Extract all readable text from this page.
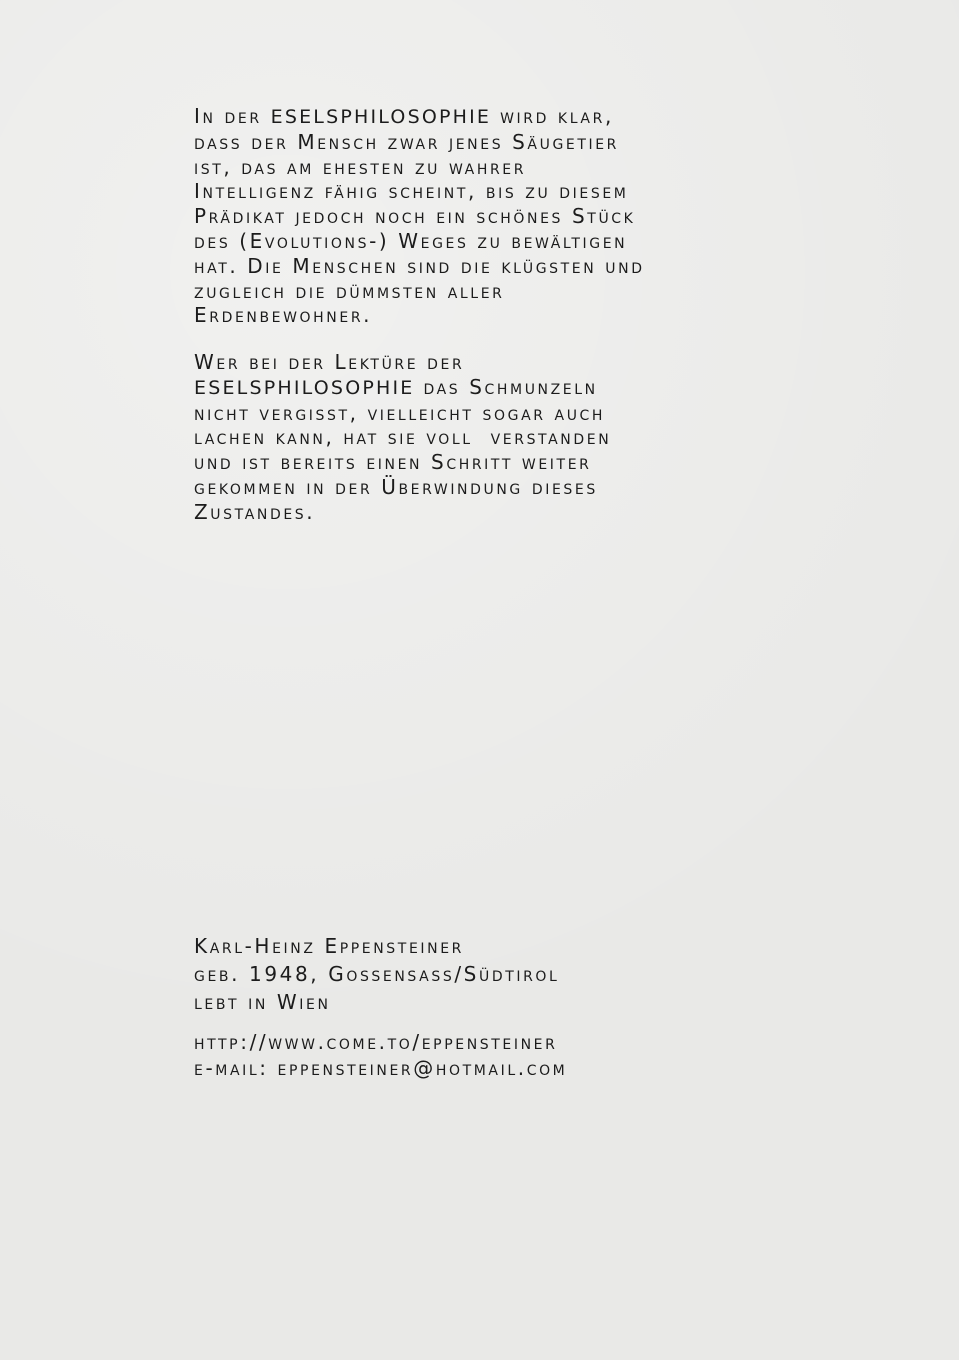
In der ESELSPHILOSOPHIE wird klar,
dass der Mensch zwar jenes Säugetier
ist, das am ehesten zu wahrer
Intelligenz fähig scheint, bis zu diesem
Prädikat jedoch noch ein schönes Stück
des (Evolutions-) Weges zu bewältigen
hat. Die Menschen sind die klügsten und
zugleich die dümmsten aller
Erdenbewohner.
Wer bei der Lektüre der
ESELSPHILOSOPHIE das Schmunzeln
nicht vergisst, vielleicht sogar auch
lachen kann, hat sie voll  verstanden
und ist bereits einen Schritt weiter
gekommen in der Überwindung dieses
Zustandes.
Karl-Heinz Eppensteiner
geb. 1948, Gossensass/Südtirol
lebt in Wien
http://www.come.to/eppensteiner
e-mail: eppensteiner@hotmail.com
